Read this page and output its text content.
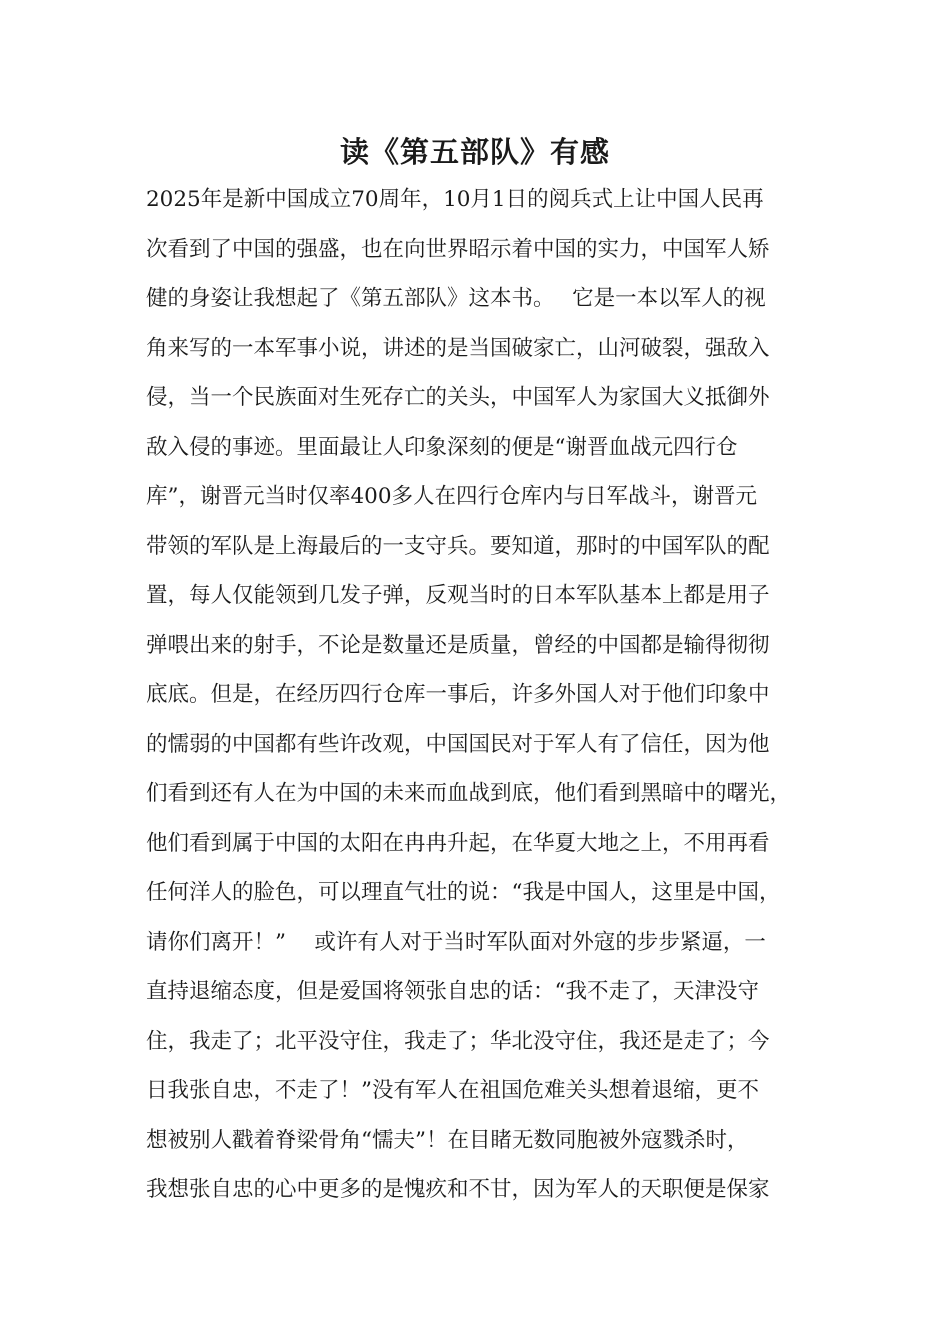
读《第五部队》有感
2025年是新中国成立70周年，10月1日的阅兵式上让中国人民再
次看到了中国的强盛，也在向世界昭示着中国的实力，中国军人矫
健的身姿让我想起了《第五部队》这本书。　 它是一本以军人的视
角来写的一本军事小说，讲述的是当国破家亡，山河破裂，强敌入
侵，当一个民族面对生死存亡的关头，中国军人为家国大义抵御外
敌入侵的事迹。里面最让人印象深刻的便是“谢晋血战元四行仓
库”，谢晋元当时仅率400多人在四行仓库内与日军战斗，谢晋元
带领的军队是上海最后的一支守兵。要知道，那时的中国军队的配
置，每人仅能领到几发子弹，反观当时的日本军队基本上都是用子
弹喂出来的射手，不论是数量还是质量，曾经的中国都是输得彻彻
底底。但是，在经历四行仓库一事后，许多外国人对于他们印象中
的懦弱的中国都有些许改观，中国国民对于军人有了信任，因为他
们看到还有人在为中国的未来而血战到底，他们看到黑暗中的曙光，
他们看到属于中国的太阳在冉冉升起，在华夏大地之上，不用再看
任何洋人的脸色，可以理直气壮的说：“我是中国人，这里是中国，
请你们离开！”　 或许有人对于当时军队面对外寇的步步紧逼，一
直持退缩态度，但是爱国将领张自忠的话：“我不走了，天津没守
住，我走了；北平没守住，我走了；华北没守住，我还是走了；今
日我张自忠，不走了！”没有军人在祖国危难关头想着退缩，更不
想被别人戳着脊梁骨角“懦夫”！在目睹无数同胞被外寇戮杀时，
我想张自忠的心中更多的是愧疚和不甘，因为军人的天职便是保家
